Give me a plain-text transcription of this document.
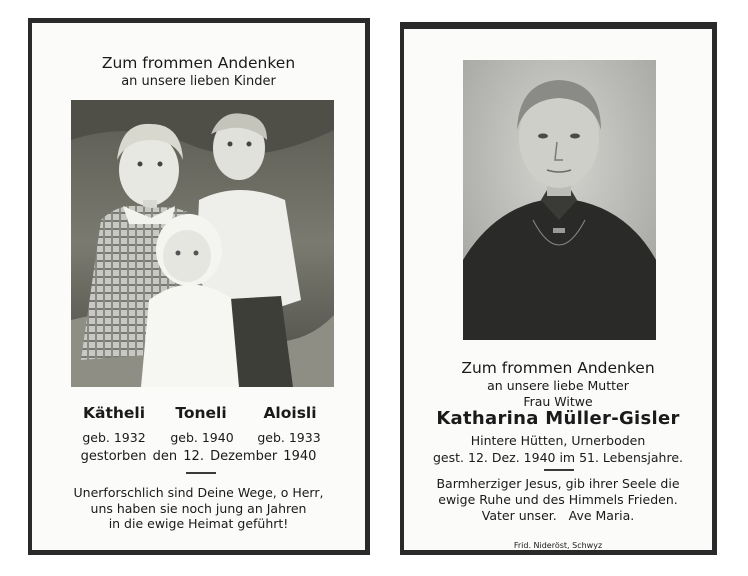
Zum frommen Andenken
an unsere lieben Kinder
Kätheli Toneli Aloisli
geb. 1932 geb. 1940 geb. 1933
gestorben den 12. Dezember 1940
Unerforschlich sind Deine Wege, o Herr,
uns haben sie noch jung an Jahren
in die ewige Heimat geführt!
Zum frommen Andenken
an unsere liebe Mutter
Frau Witwe
Katharina Müller-Gisler
Hintere Hütten, Urnerboden
gest. 12. Dez. 1940 im 51. Lebensjahre.
Barmherziger Jesus, gib ihrer Seele die
ewige Ruhe und des Himmels Frieden.
Vater unser.   Ave Maria.
Frid. Nideröst, Schwyz
